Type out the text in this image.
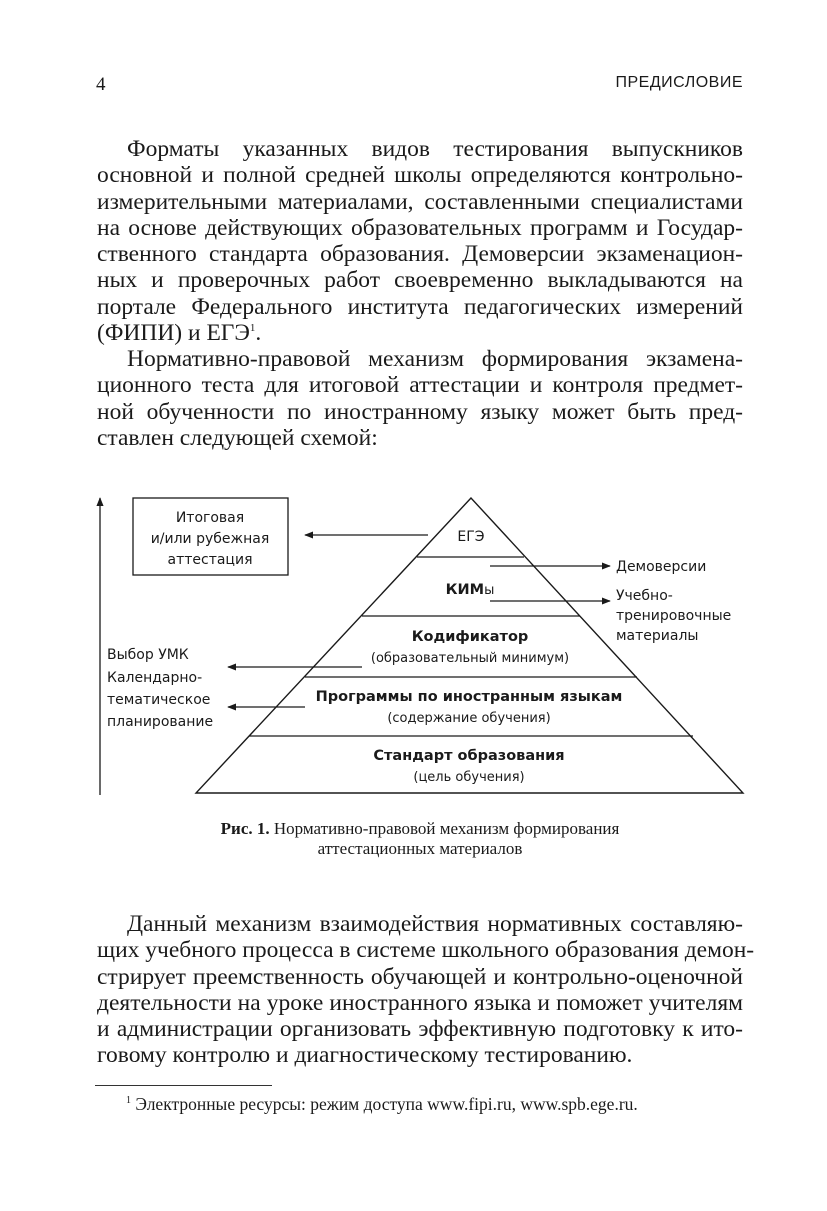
4	ПРЕДИСЛОВИЕ
Форматы указанных видов тестирования выпускников
основной и полной средней школы определяются контрольно-
измерительными материалами, составленными специалистами
на основе действующих образовательных программ и Государ-
ственного стандарта образования. Демоверсии экзаменацион-
ных и проверочных работ своевременно выкладываются на
портале Федерального института педагогических измерений
(ФИПИ) и ЕГЭ$^1$.
Нормативно-правовой механизм формирования экзамена-
ционного теста для итоговой аттестации и контроля предмет-
ной обученности по иностранному языку может быть пред-
ставлен следующей схемой:
ЕГЭ
КИМы
Кодификатор
(образовательный минимум)
Программы по иностранным языкам
(содержание обучения)
Стандарт образования
(цель обучения)
Итоговая
и/или рубежная
аттестация	Демоверсии
Учебно-
тренировочные
материалы
Выбор УМК
Календарно-
тематическое
планирование
Рис. 1. Нормативно-правовой механизм формирования
аттестационных материалов
Данный механизм взаимодействия нормативных составляю-
щих учебного процесса в системе школьного образования демон-
стрирует преемственность обучающей и контрольно-оценочной
деятельности на уроке иностранного языка и поможет учителям
и администрации организовать эффективную подготовку к ито-
говому контролю и диагностическому тестированию.
$^1$ Электронные ресурсы: режим доступа www.fipi.ru, www.spb.ege.ru.
